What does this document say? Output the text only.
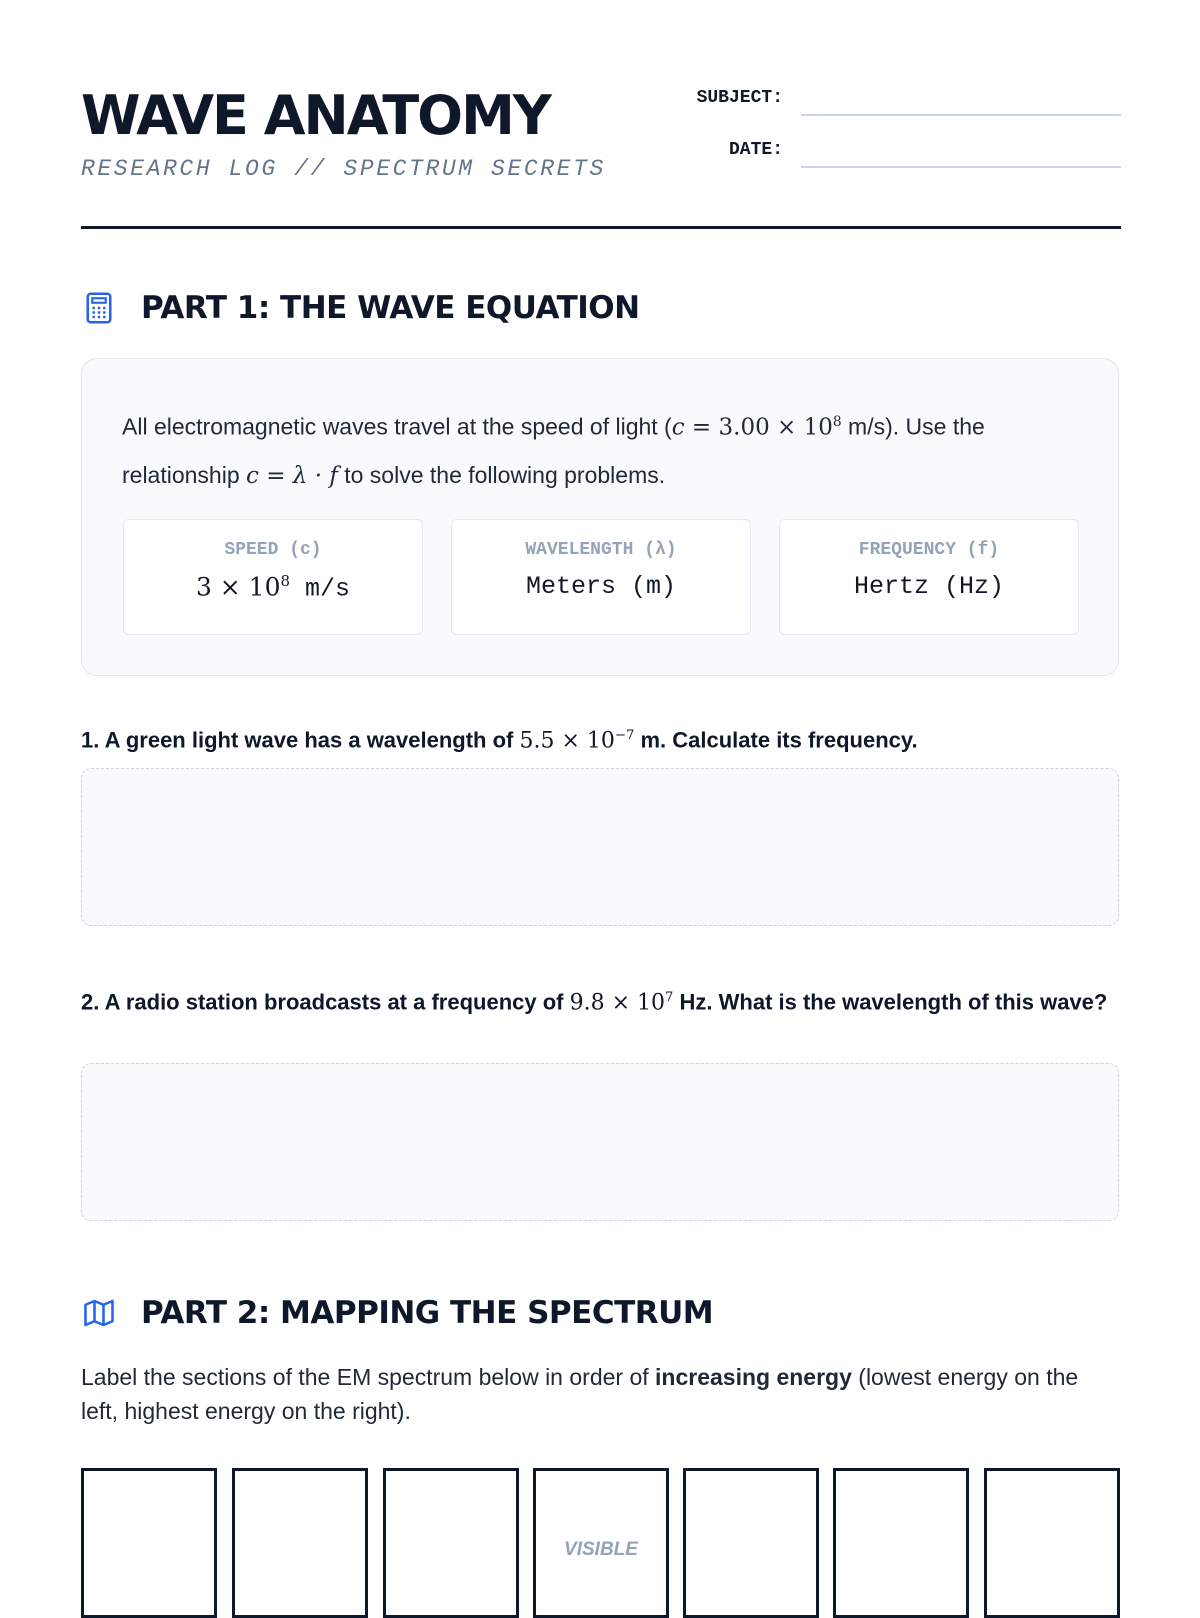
WAVE ANATOMY
RESEARCH LOG // SPECTRUM SECRETS
SUBJECT:
DATE:
PART 1: THE WAVE EQUATION
All electromagnetic waves travel at the speed of light ($c = 3.00 \times 10^8$ m/s). Use the relationship c = λ · f to solve the following problems.
SPEED (c)
$3 \times 10^8$ m/s
WAVELENGTH (λ)
Meters (m)
FREQUENCY (f)
Hertz (Hz)
1. A green light wave has a wavelength of $5.5 \times 10^{-7}$ m. Calculate its frequency.
2. A radio station broadcasts at a frequency of $9.8 \times 10^7$ Hz. What is the wavelength of this wave?
PART 2: MAPPING THE SPECTRUM
Label the sections of the EM spectrum below in order of increasing energy (lowest energy on the left, highest energy on the right).
VISIBLE
